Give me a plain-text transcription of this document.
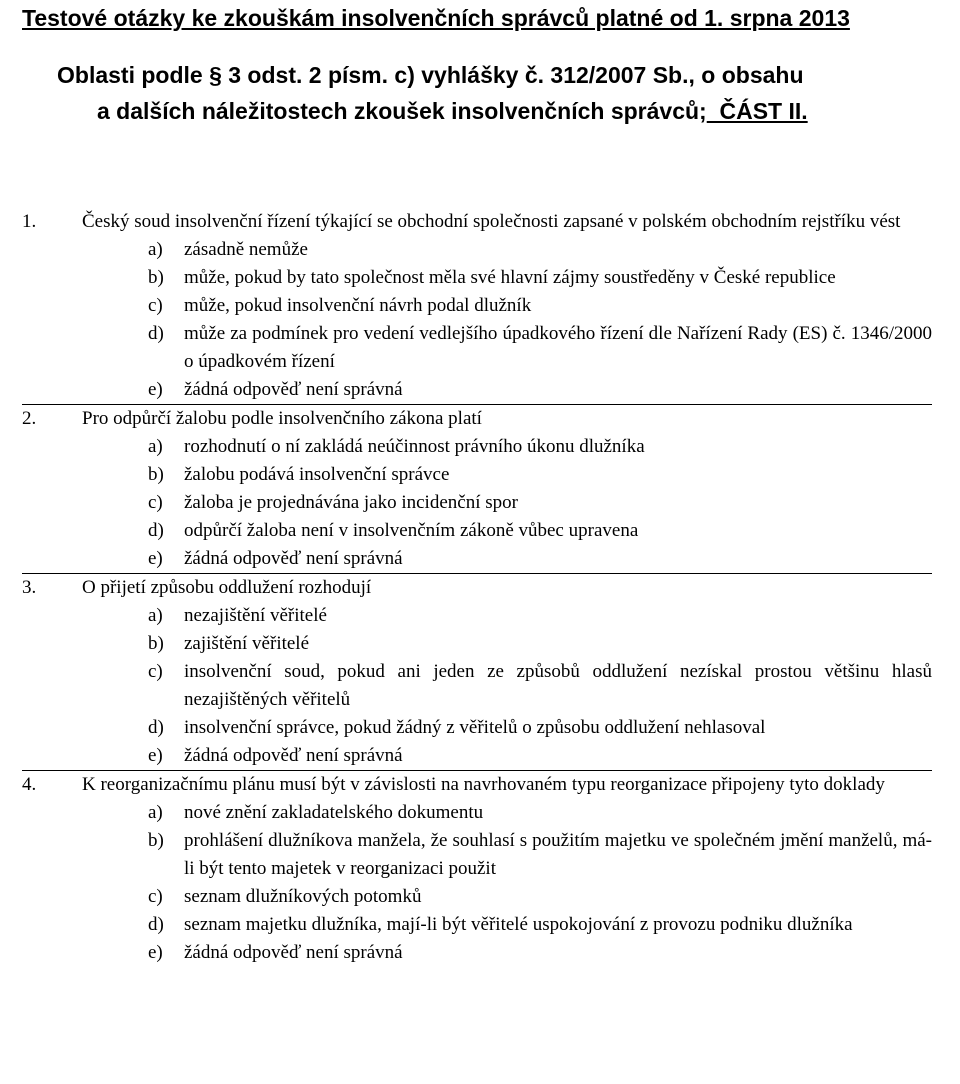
Testové otázky ke zkouškám insolvenčních správců platné od 1. srpna 2013
Oblasti podle § 3 odst. 2 písm. c) vyhlášky č. 312/2007 Sb., o obsahu
a dalších náležitostech zkoušek insolvenčních správců; ČÁST II.
1.	Český soud insolvenční řízení týkající se obchodní společnosti zapsané v polském obchodním rejstříku vést
a) zásadně nemůže
b) může, pokud by tato společnost měla své hlavní zájmy soustředěny v České republice
c) může, pokud insolvenční návrh podal dlužník
d) může za podmínek pro vedení vedlejšího úpadkového řízení dle Nařízení Rady (ES) č. 1346/2000 o úpadkovém řízení
e) žádná odpověď není správná
2.	Pro odpůrčí žalobu podle insolvenčního zákona platí
a) rozhodnutí o ní zakládá neúčinnost právního úkonu dlužníka
b) žalobu podává insolvenční správce
c) žaloba je projednávána jako incidenční spor
d) odpůrčí žaloba není v insolvenčním zákoně vůbec upravena
e) žádná odpověď není správná
3.	O přijetí způsobu oddlužení rozhodují
a) nezajištění věřitelé
b) zajištění věřitelé
c) insolvenční soud, pokud ani jeden ze způsobů oddlužení nezískal prostou většinu hlasů nezajištěných věřitelů
d) insolvenční správce, pokud žádný z věřitelů o způsobu oddlužení nehlasoval
e) žádná odpověď není správná
4.	K reorganizačnímu plánu musí být v závislosti na navrhovaném typu reorganizace připojeny tyto doklady
a) nové znění zakladatelského dokumentu
b) prohlášení dlužníkova manžela, že souhlasí s použitím majetku ve společném jmění manželů, má-li být tento majetek v reorganizaci použit
c) seznam dlužníkových potomků
d) seznam majetku dlužníka, mají-li být věřitelé uspokojování z provozu podniku dlužníka
e) žádná odpověď není správná
